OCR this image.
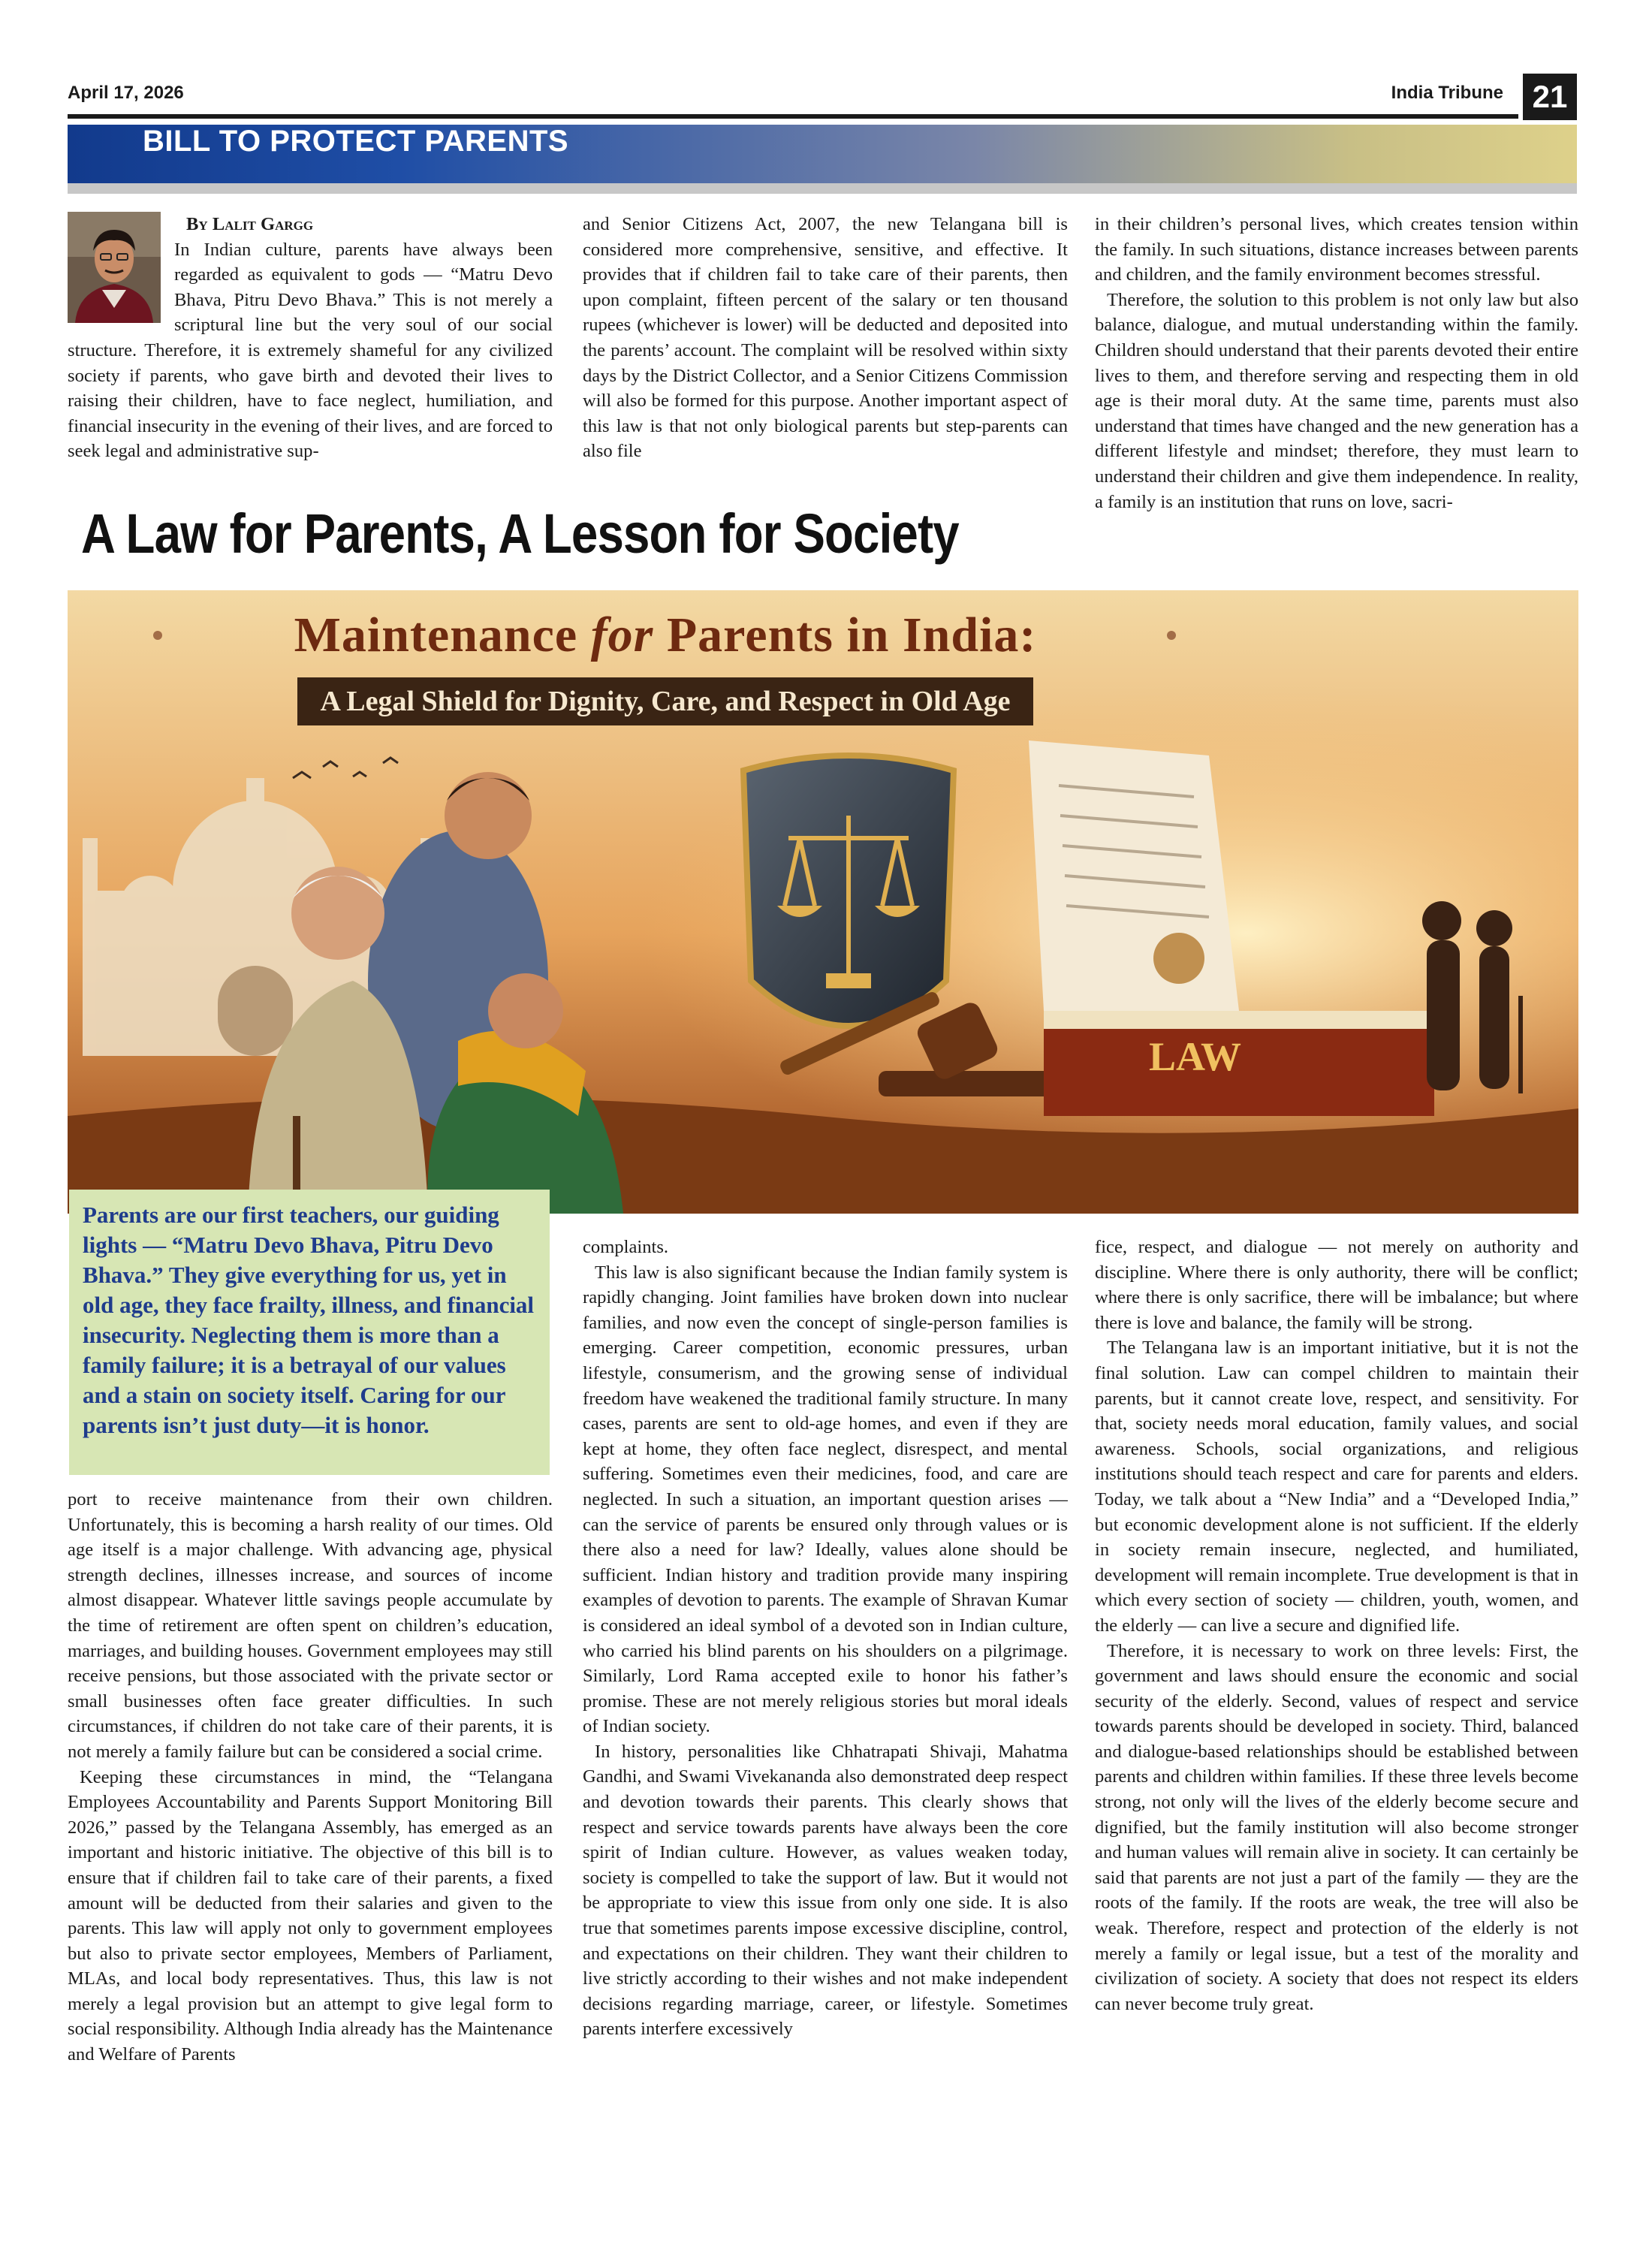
April 17, 2026	India Tribune 21
BILL TO PROTECT PARENTS

By Lalit Gargg

In Indian culture, parents have always been regarded as equivalent to gods — “Matru Devo Bhava, Pitru Devo Bhava.” This is not merely a scriptural line but the very soul of our social structure. Therefore, it is extremely shameful for any civilized society if parents, who gave birth and devoted their lives to raising their children, have to face neglect, humiliation, and financial insecurity in the evening of their lives, and are forced to seek legal and administrative sup-

and Senior Citizens Act, 2007, the new Telangana bill is considered more comprehensive, sensitive, and effective. It provides that if children fail to take care of their parents, then upon complaint, fifteen percent of the salary or ten thousand rupees (whichever is lower) will be deducted and deposited into the parents’ account. The complaint will be resolved within sixty days by the District Collector, and a Senior Citizens Commission will also be formed for this purpose. Another important aspect of this law is that not only biological parents but step-parents can also file

in their children’s personal lives, which creates tension within the family. In such situations, distance increases between parents and children, and the family environment becomes stressful.

Therefore, the solution to this problem is not only law but also balance, dialogue, and mutual understanding within the family. Children should understand that their parents devoted their entire lives to them, and therefore serving and respecting them in old age is their moral duty. At the same time, parents must also understand that times have changed and the new generation has a different lifestyle and mindset; therefore, they must learn to understand their children and give them independence. In reality, a family is an institution that runs on love, sacri-

A Law for Parents, A Lesson for Society
Maintenance for Parents in India:
A Legal Shield for Dignity, Care, and Respect in Old Age
LAW
Parents are our first teachers, our guiding lights — “Matru Devo Bhava, Pitru Devo Bhava.” They give everything for us, yet in old age, they face frailty, illness, and financial insecurity. Neglecting them is more than a family failure; it is a betrayal of our values and a stain on society itself. Caring for our parents isn’t just duty—it is honor.

port to receive maintenance from their own children. Unfortunately, this is becoming a harsh reality of our times. Old age itself is a major challenge. With advancing age, physical strength declines, illnesses increase, and sources of income almost disappear. Whatever little savings people accumulate by the time of retirement are often spent on children’s education, marriages, and building houses. Government employees may still receive pensions, but those associated with the private sector or small businesses often face greater difficulties. In such circumstances, if children do not take care of their parents, it is not merely a family failure but can be considered a social crime.

Keeping these circumstances in mind, the “Telangana Employees Accountability and Parents Support Monitoring Bill 2026,” passed by the Telangana Assembly, has emerged as an important and historic initiative. The objective of this bill is to ensure that if children fail to take care of their parents, a fixed amount will be deducted from their salaries and given to the parents. This law will apply not only to government employees but also to private sector employees, Members of Parliament, MLAs, and local body representatives. Thus, this law is not merely a legal provision but an attempt to give legal form to social responsibility. Although India already has the Maintenance and Welfare of Parents

complaints.

This law is also significant because the Indian family system is rapidly changing. Joint families have broken down into nuclear families, and now even the concept of single-person families is emerging. Career competition, economic pressures, urban lifestyle, consumerism, and the growing sense of individual freedom have weakened the traditional family structure. In many cases, parents are sent to old-age homes, and even if they are kept at home, they often face neglect, disrespect, and mental suffering. Sometimes even their medicines, food, and care are neglected. In such a situation, an important question arises — can the service of parents be ensured only through values or is there also a need for law? Ideally, values alone should be sufficient. Indian history and tradition provide many inspiring examples of devotion to parents. The example of Shravan Kumar is considered an ideal symbol of a devoted son in Indian culture, who carried his blind parents on his shoulders on a pilgrimage. Similarly, Lord Rama accepted exile to honor his father’s promise. These are not merely religious stories but moral ideals of Indian society.

In history, personalities like Chhatrapati Shivaji, Mahatma Gandhi, and Swami Vivekananda also demonstrated deep respect and devotion towards their parents. This clearly shows that respect and service towards parents have always been the core spirit of Indian culture. However, as values weaken today, society is compelled to take the support of law. But it would not be appropriate to view this issue from only one side. It is also true that sometimes parents impose excessive discipline, control, and expectations on their children. They want their children to live strictly according to their wishes and not make independent decisions regarding marriage, career, or lifestyle. Sometimes parents interfere excessively

fice, respect, and dialogue — not merely on authority and discipline. Where there is only authority, there will be conflict; where there is only sacrifice, there will be imbalance; but where there is love and balance, the family will be strong.

The Telangana law is an important initiative, but it is not the final solution. Law can compel children to maintain their parents, but it cannot create love, respect, and sensitivity. For that, society needs moral education, family values, and social awareness. Schools, social organizations, and religious institutions should teach respect and care for parents and elders. Today, we talk about a “New India” and a “Developed India,” but economic development alone is not sufficient. If the elderly in society remain insecure, neglected, and humiliated, development will remain incomplete. True development is that in which every section of society — children, youth, women, and the elderly — can live a secure and dignified life.

Therefore, it is necessary to work on three levels: First, the government and laws should ensure the economic and social security of the elderly. Second, values of respect and service towards parents should be developed in society. Third, balanced and dialogue-based relationships should be established between parents and children within families. If these three levels become strong, not only will the lives of the elderly become secure and dignified, but the family institution will also become stronger and human values will remain alive in society. It can certainly be said that parents are not just a part of the family — they are the roots of the family. If the roots are weak, the tree will also be weak. Therefore, respect and protection of the elderly is not merely a family or legal issue, but a test of the morality and civilization of society. A society that does not respect its elders can never become truly great.
